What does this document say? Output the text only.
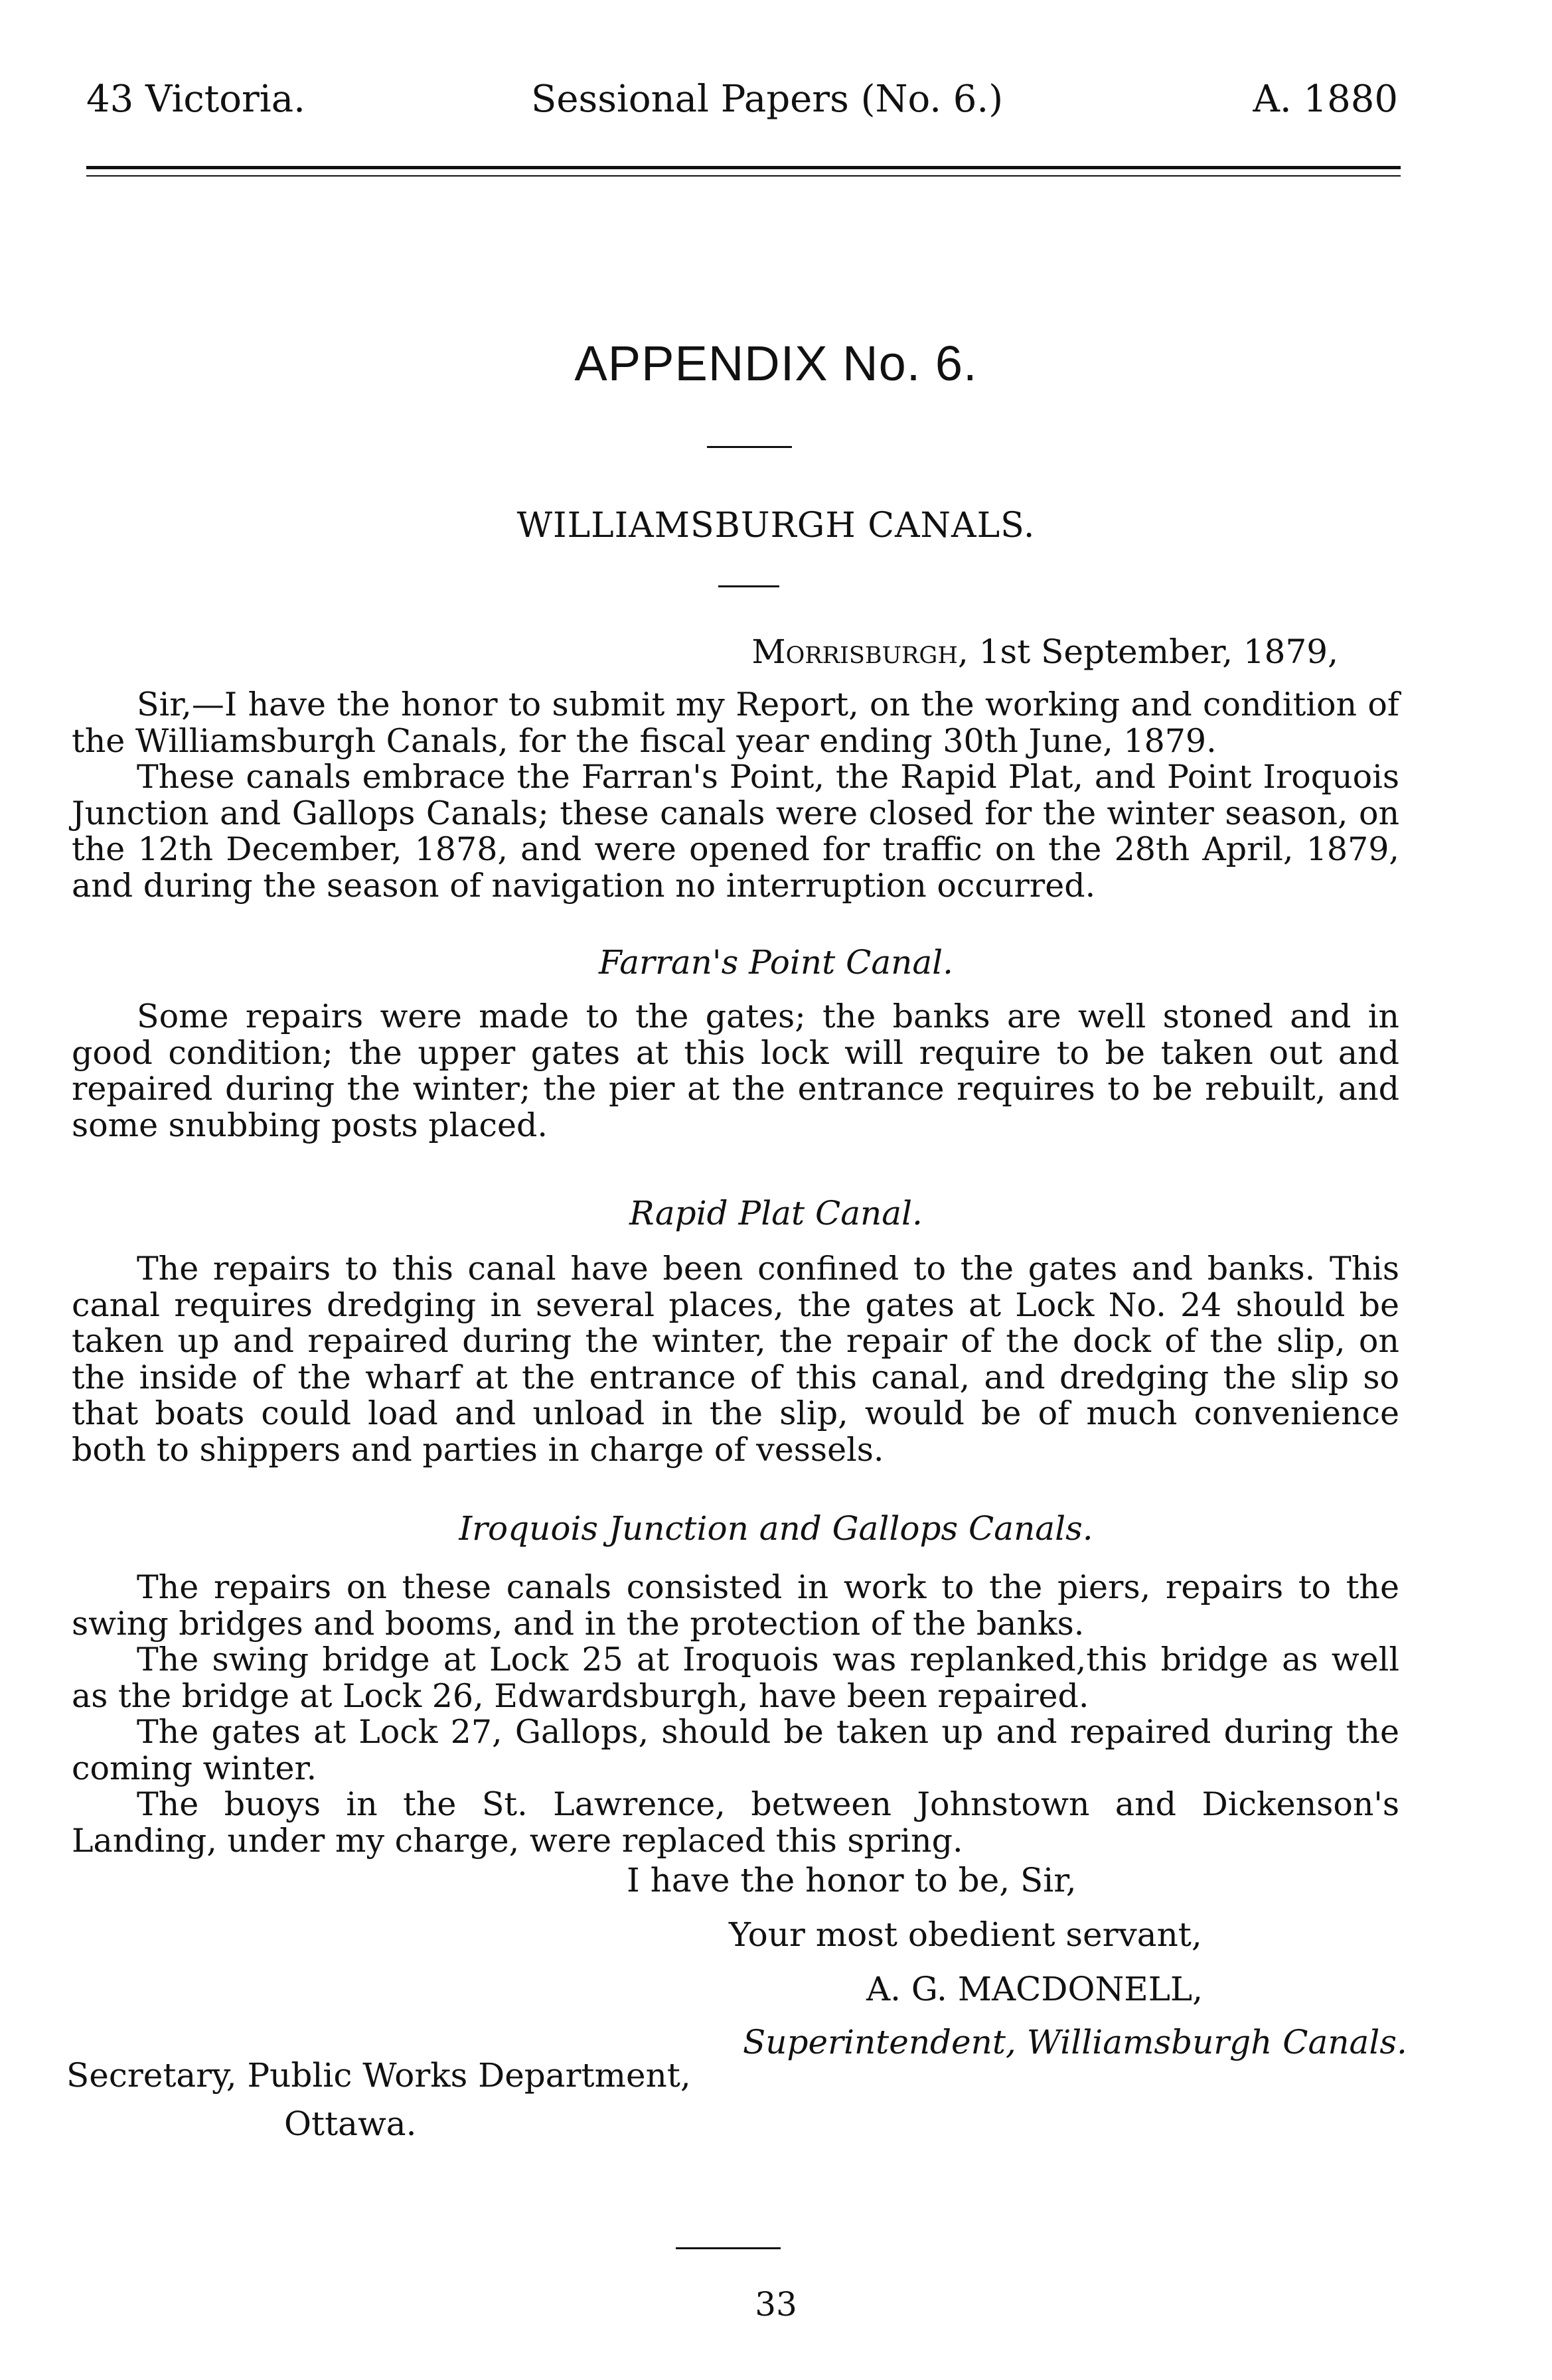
43 Victoria.	Sessional Papers (No. 6.)	A. 1880
APPENDIX No. 6.
WILLIAMSBURGH CANALS.
Morrisburgh, 1st September, 1879,

Sir,—I have the honor to submit my Report, on the working and condition of the Williamsburgh Canals, for the fiscal year ending 30th June, 1879.

These canals embrace the Farran's Point, the Rapid Plat, and Point Iroquois Junction and Gallops Canals; these canals were closed for the winter season, on the 12th December, 1878, and were opened for traffic on the 28th April, 1879, and during the season of navigation no interruption occurred.

Farran's Point Canal.

Some repairs were made to the gates; the banks are well stoned and in good condition; the upper gates at this lock will require to be taken out and repaired during the winter; the pier at the entrance requires to be rebuilt, and some snubbing posts placed.

Rapid Plat Canal.

The repairs to this canal have been confined to the gates and banks. This canal requires dredging in several places, the gates at Lock No. 24 should be taken up and repaired during the winter, the repair of the dock of the slip, on the inside of the wharf at the entrance of this canal, and dredging the slip so that boats could load and unload in the slip, would be of much convenience both to shippers and parties in charge of vessels.

Iroquois Junction and Gallops Canals.

The repairs on these canals consisted in work to the piers, repairs to the swing bridges and booms, and in the protection of the banks.

The swing bridge at Lock 25 at Iroquois was replanked,this bridge as well as the bridge at Lock 26, Edwardsburgh, have been repaired.

The gates at Lock 27, Gallops, should be taken up and repaired during the coming winter.

The buoys in the St. Lawrence, between Johnstown and Dickenson's Landing, under my charge, were replaced this spring.

I have the honor to be, Sir,
Your most obedient servant,
A. G. MACDONELL,
Superintendent, Williamsburgh Canals.
Secretary, Public Works Department,
Ottawa.
33
